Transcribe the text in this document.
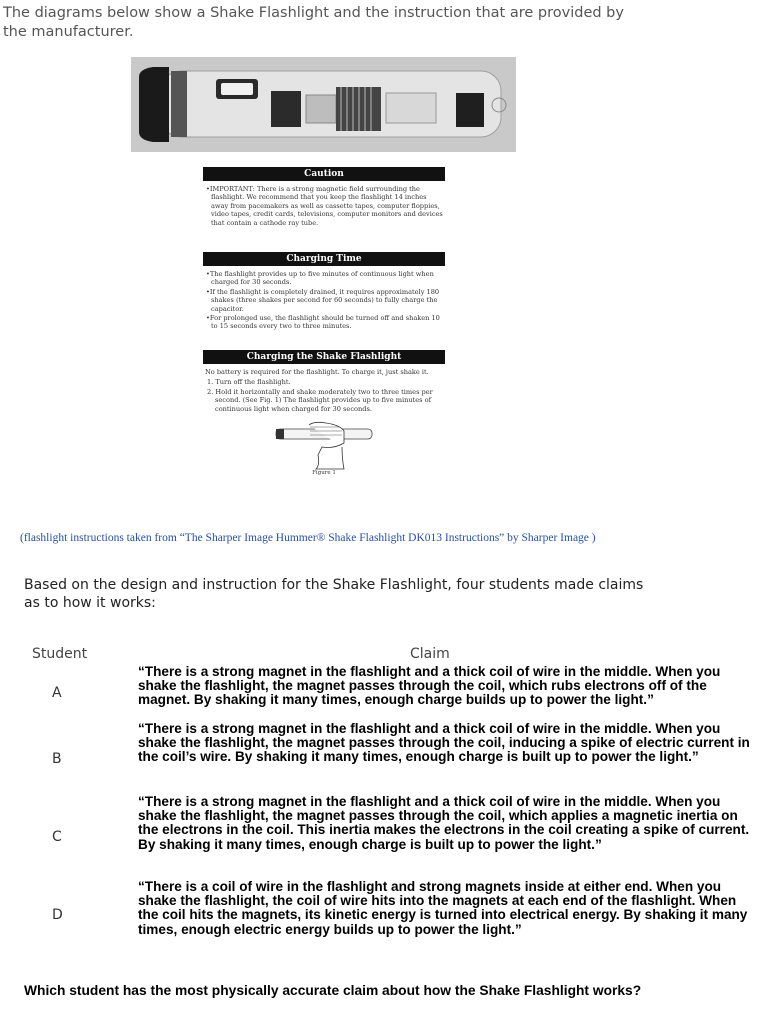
The diagrams below show a Shake Flashlight and the instruction that are provided by the manufacturer.
Caution
•IMPORTANT: There is a strong magnetic field surrounding the flashlight. We recommend that you keep the flashlight 14 inches away from pacemakers as well as cassette tapes, computer floppies, video tapes, credit cards, televisions, computer monitors and devices that contain a cathode ray tube.
Charging Time
•The flashlight provides up to five minutes of continuous light when charged for 30 seconds.
•If the flashlight is completely drained, it requires approximately 180 shakes (three shakes per second for 60 seconds) to fully charge the capacitor.
•For prolonged use, the flashlight should be turned off and shaken 10 to 15 seconds every two to three minutes.
Charging the Shake Flashlight
No battery is required for the flashlight. To charge it, just shake it.
1. Turn off the flashlight.
2. Hold it horizontally and shake moderately two to three times per second. (See Fig. 1) The flashlight provides up to five minutes of continuous light when charged for 30 seconds.
Figure 1
(flashlight instructions taken from “The Sharper Image Hummer® Shake Flashlight DK013 Instructions” by Sharper Image )
Based on the design and instruction for the Shake Flashlight, four students made claims as to how it works:
Student	Claim
A
“There is a strong magnet in the flashlight and a thick coil of wire in the middle. When you shake the flashlight, the magnet passes through the coil, which rubs electrons off of the magnet. By shaking it many times, enough charge builds up to power the light.”
B
“There is a strong magnet in the flashlight and a thick coil of wire in the middle. When you shake the flashlight, the magnet passes through the coil, inducing a spike of electric current in the coil’s wire. By shaking it many times, enough charge is built up to power the light.”
C
“There is a strong magnet in the flashlight and a thick coil of wire in the middle. When you shake the flashlight, the magnet passes through the coil, which applies a magnetic inertia on the electrons in the coil. This inertia makes the electrons in the coil creating a spike of current. By shaking it many times, enough charge is built up to power the light.”
D
“There is a coil of wire in the flashlight and strong magnets inside at either end. When you shake the flashlight, the coil of wire hits into the magnets at each end of the flashlight. When the coil hits the magnets, its kinetic energy is turned into electrical energy. By shaking it many times, enough electric energy builds up to power the light.”
Which student has the most physically accurate claim about how the Shake Flashlight works?
